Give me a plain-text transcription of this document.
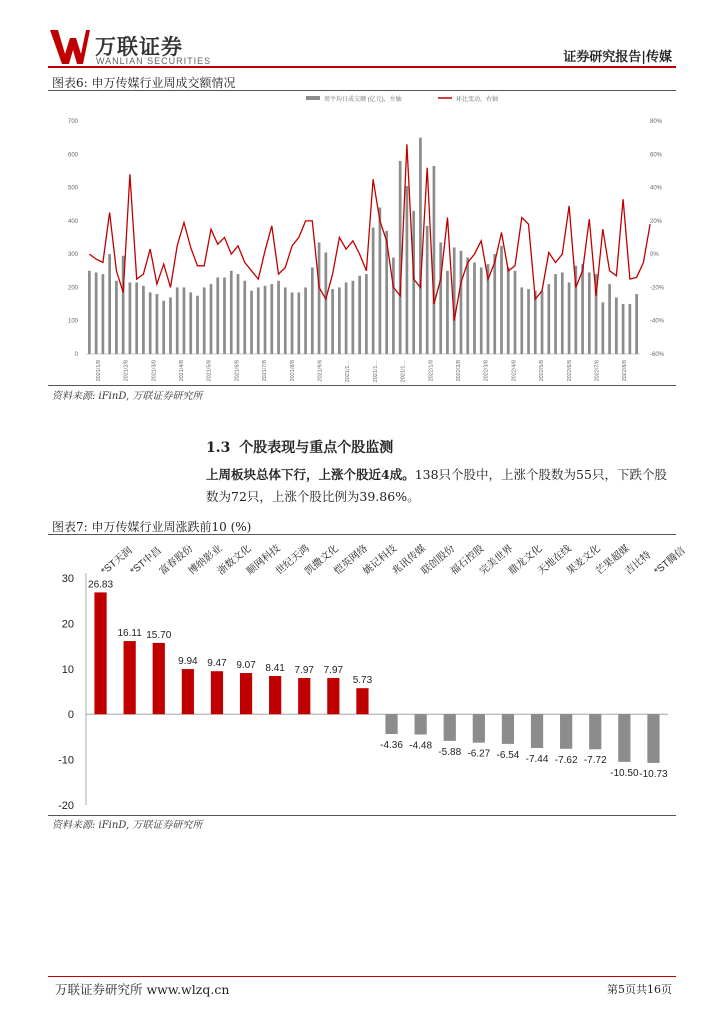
万联证券
WANLIAN SECURITIES	证券研究报告|传媒
图表6: 申万传媒行业周成交额情况
周平均日成交额 (亿元)，左轴	环比变动，右轴
0
100
200
300
400
500
600
700
-60%
-40%
-20%
0%
20%
40%
60%
80%
2021/1/8	2021/2/8	2021/3/8	2021/4/8	2021/5/8	2021/6/8	2021/7/8	2021/8/8	2021/9/8	2021/1…	2021/1…	2021/1…	2022/1/8	2022/2/8	2022/3/8	2022/4/8	2022/5/8	2022/6/8	2022/7/8	2022/8/8
资料来源: iFinD, 万联证券研究所
1.3 个股表现与重点个股监测
上周板块总体下行，上涨个股近4成。138只个股中，上涨个股数为55只，下跌个股数为72只，上涨个股比例为39.86%。
图表7: 申万传媒行业周涨跌前10 (%)
-20
-10
0
10
20
30 26.83
16.11 15.70
9.94 9.47 9.07 8.41 7.97 7.97
5.73
-4.36 -4.48
-5.88 -6.27 -6.54 -7.44 -7.62 -7.72
-10.50 -10.73
*ST天润
*ST中昌
富春股份
博纳影业
浙数文化
顺网科技
世纪天鸿
凯撒文化
恺英网络
姚记科技
兆讯传媒
联创股份
福石控股
完美世界
鼎龙文化
天地在线
果麦文化
芒果超媒
吉比特 *ST腾信
资料来源: iFinD, 万联证券研究所
万联证券研究所 www.wlzq.cn	第5页共16页
